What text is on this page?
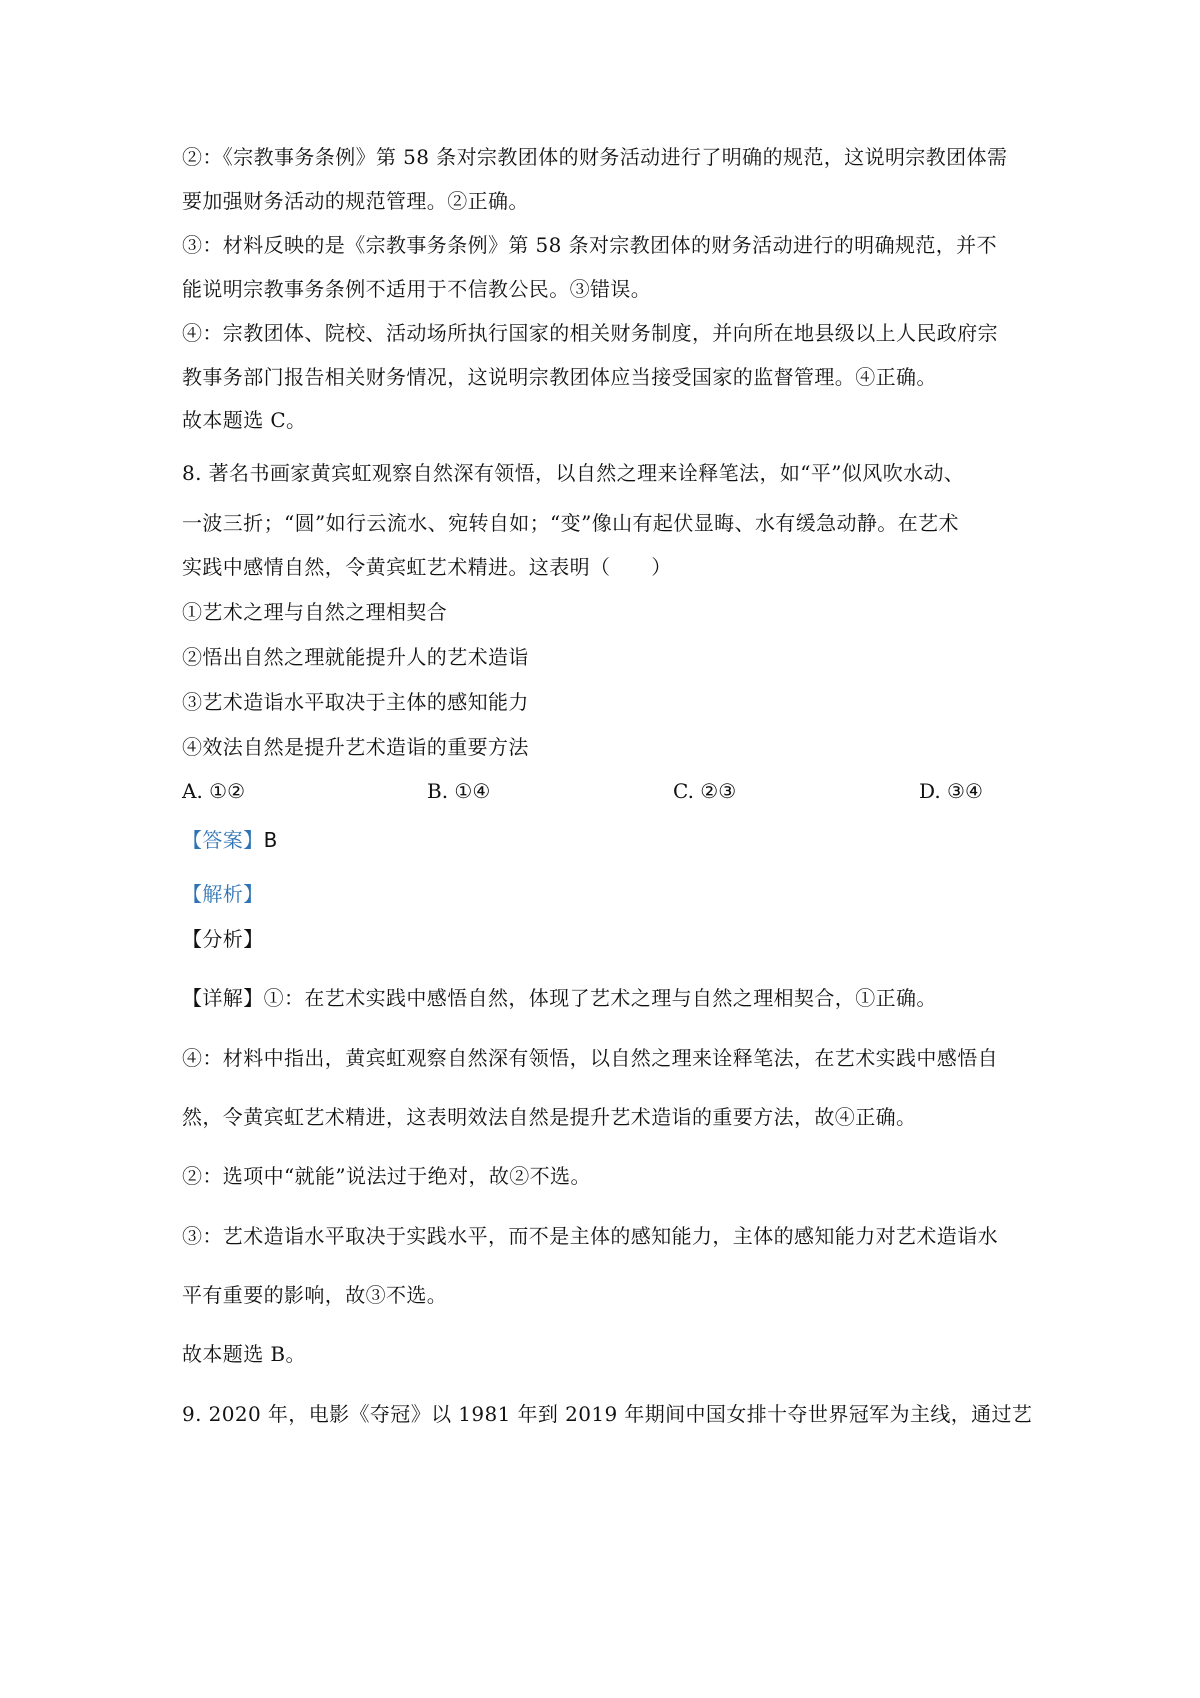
②：《宗教事务条例》第 58 条对宗教团体的财务活动进行了明确的规范，这说明宗教团体需
要加强财务活动的规范管理。②正确。
③：材料反映的是《宗教事务条例》第 58 条对宗教团体的财务活动进行的明确规范，并不
能说明宗教事务条例不适用于不信教公民。③错误。
④：宗教团体、院校、活动场所执行国家的相关财务制度，并向所在地县级以上人民政府宗
教事务部门报告相关财务情况，这说明宗教团体应当接受国家的监督管理。④正确。
故本题选 C。
8. 著名书画家黄宾虹观察自然深有领悟，以自然之理来诠释笔法，如“平”似风吹水动、
一波三折；“圆”如行云流水、宛转自如；“变”像山有起伏显晦、水有缓急动静。在艺术
实践中感情自然，令黄宾虹艺术精进。这表明（　　）
①艺术之理与自然之理相契合
②悟出自然之理就能提升人的艺术造诣
③艺术造诣水平取决于主体的感知能力
④效法自然是提升艺术造诣的重要方法
A. ①②	B. ①④	C. ②③	D. ③④
【答案】B
【解析】
【分析】
【详解】①：在艺术实践中感悟自然，体现了艺术之理与自然之理相契合，①正确。
④：材料中指出，黄宾虹观察自然深有领悟，以自然之理来诠释笔法，在艺术实践中感悟自
然，令黄宾虹艺术精进，这表明效法自然是提升艺术造诣的重要方法，故④正确。
②：选项中“就能”说法过于绝对，故②不选。
③：艺术造诣水平取决于实践水平，而不是主体的感知能力，主体的感知能力对艺术造诣水
平有重要的影响，故③不选。
故本题选 B。
9. 2020 年，电影《夺冠》以 1981 年到 2019 年期间中国女排十夺世界冠军为主线，通过艺
